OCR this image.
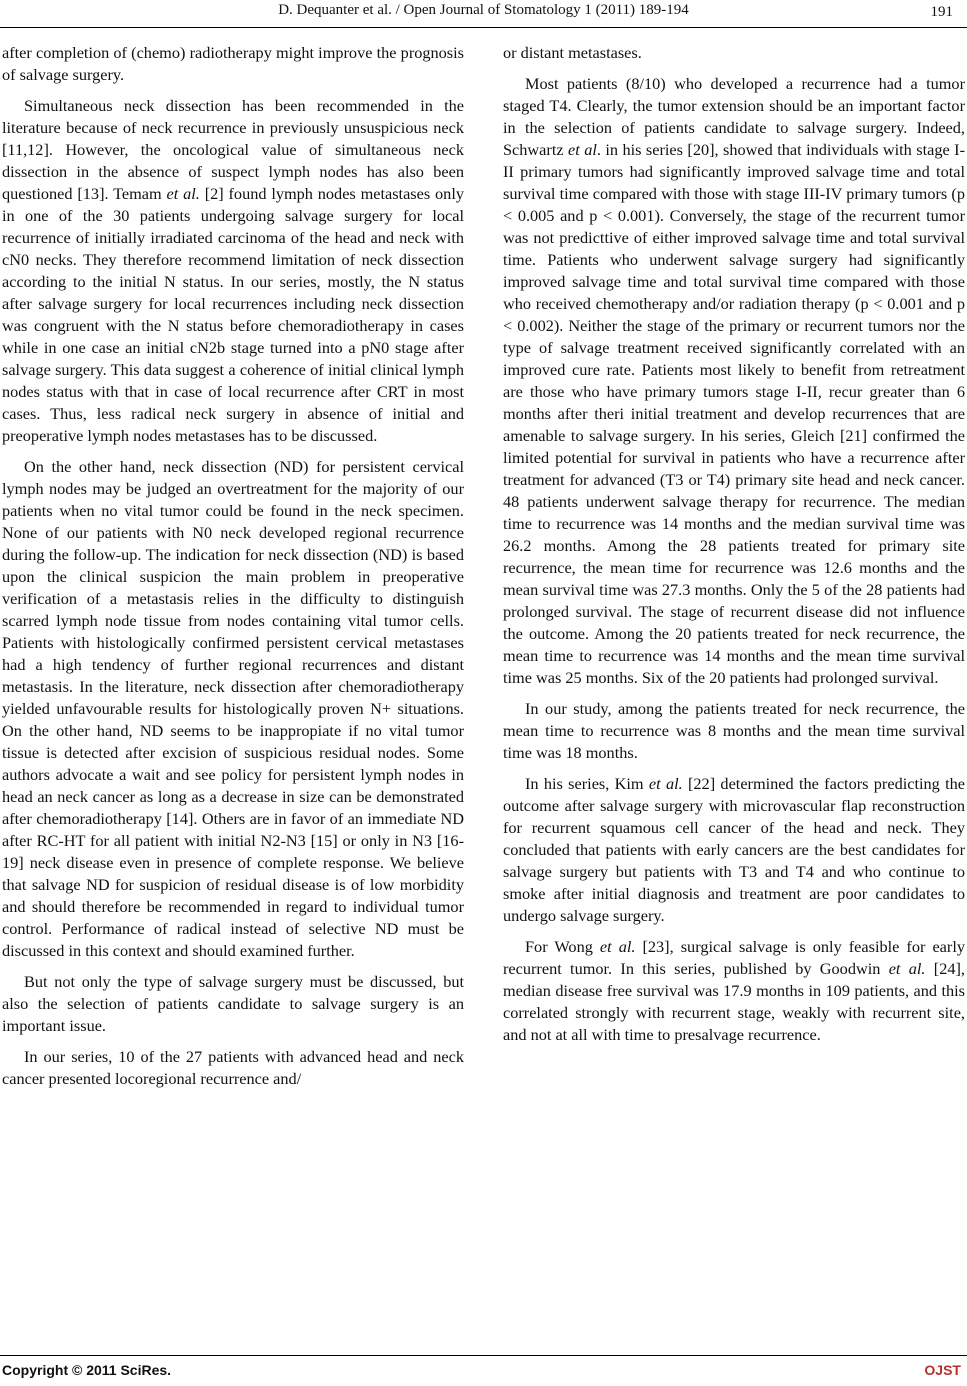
D. Dequanter et al. / Open Journal of Stomatology 1 (2011) 189-194	191

after completion of (chemo) radiotherapy might improve the prognosis of salvage surgery.

Simultaneous neck dissection has been recommended in the literature because of neck recurrence in previously unsuspicious neck [11,12]. However, the oncological value of simultaneous neck dissection in the absence of suspect lymph nodes has also been questioned [13]. Temam et al. [2] found lymph nodes metastases only in one of the 30 patients undergoing salvage surgery for local recurrence of initially irradiated carcinoma of the head and neck with cN0 necks. They therefore recommend limitation of neck dissection according to the initial N status. In our series, mostly, the N status after salvage surgery for local recurrences including neck dissection was congruent with the N status before chemoradiotherapy in cases while in one case an initial cN2b stage turned into a pN0 stage after salvage surgery. This data suggest a coherence of initial clinical lymph nodes status with that in case of local recurrence after CRT in most cases. Thus, less radical neck surgery in absence of initial and preoperative lymph nodes metastases has to be discussed.

On the other hand, neck dissection (ND) for persistent cervical lymph nodes may be judged an overtreatment for the majority of our patients when no vital tumor could be found in the neck specimen. None of our patients with N0 neck developed regional recurrence during the follow-up. The indication for neck dissection (ND) is based upon the clinical suspicion the main problem in preoperative verification of a metastasis relies in the difficulty to distinguish scarred lymph node tissue from nodes containing vital tumor cells. Patients with histologically confirmed persistent cervical metastases had a high tendency of further regional recurrences and distant metastasis. In the literature, neck dissection after chemoradiotherapy yielded unfavourable results for histologically proven N+ situations. On the other hand, ND seems to be inappropiate if no vital tumor tissue is detected after excision of suspicious residual nodes. Some authors advocate a wait and see policy for persistent lymph nodes in head an neck cancer as long as a decrease in size can be demonstrated after chemoradiotherapy [14]. Others are in favor of an immediate ND after RC-HT for all patient with initial N2-N3 [15] or only in N3 [16-19] neck disease even in presence of complete response. We believe that salvage ND for suspicion of residual disease is of low morbidity and should therefore be recommended in regard to individual tumor control. Performance of radical instead of selective ND must be discussed in this context and should examined further.

But not only the type of salvage surgery must be discussed, but also the selection of patients candidate to salvage surgery is an important issue.

In our series, 10 of the 27 patients with advanced head and neck cancer presented locoregional recurrence and/

or distant metastases.

Most patients (8/10) who developed a recurrence had a tumor staged T4. Clearly, the tumor extension should be an important factor in the selection of patients candidate to salvage surgery. Indeed, Schwartz et al. in his series [20], showed that individuals with stage I-II primary tumors had significantly improved salvage time and total survival time compared with those with stage III-IV primary tumors (p < 0.005 and p < 0.001). Conversely, the stage of the recurrent tumor was not predicttive of either improved salvage time and total survival time. Patients who underwent salvage surgery had significantly improved salvage time and total survival time compared with those who received chemotherapy and/or radiation therapy (p < 0.001 and p < 0.002). Neither the stage of the primary or recurrent tumors nor the type of salvage treatment received significantly correlated with an improved cure rate. Patients most likely to benefit from retreatment are those who have primary tumors stage I-II, recur greater than 6 months after theri initial treatment and develop recurrences that are amenable to salvage surgery. In his series, Gleich [21] confirmed the limited potential for survival in patients who have a recurrence after treatment for advanced (T3 or T4) primary site head and neck cancer. 48 patients underwent salvage therapy for recurrence. The median time to recurrence was 14 months and the median survival time was 26.2 months. Among the 28 patients treated for primary site recurrence, the mean time for recurrence was 12.6 months and the mean survival time was 27.3 months. Only the 5 of the 28 patients had prolonged survival. The stage of recurrent disease did not influence the outcome. Among the 20 patients treated for neck recurrence, the mean time to recurrence was 14 months and the mean time survival time was 25 months. Six of the 20 patients had prolonged survival.

In our study, among the patients treated for neck recurrence, the mean time to recurrence was 8 months and the mean time survival time was 18 months.

In his series, Kim et al. [22] determined the factors predicting the outcome after salvage surgery with microvascular flap reconstruction for recurrent squamous cell cancer of the head and neck. They concluded that patients with early cancers are the best candidates for salvage surgery but patients with T3 and T4 and who continue to smoke after initial diagnosis and treatment are poor candidates to undergo salvage surgery.

For Wong et al. [23], surgical salvage is only feasible for early recurrent tumor. In this series, published by Goodwin et al. [24], median disease free survival was 17.9 months in 109 patients, and this correlated strongly with recurrent stage, weakly with recurrent site, and not at all with time to presalvage recurrence.

Copyright © 2011 SciRes.	OJST
